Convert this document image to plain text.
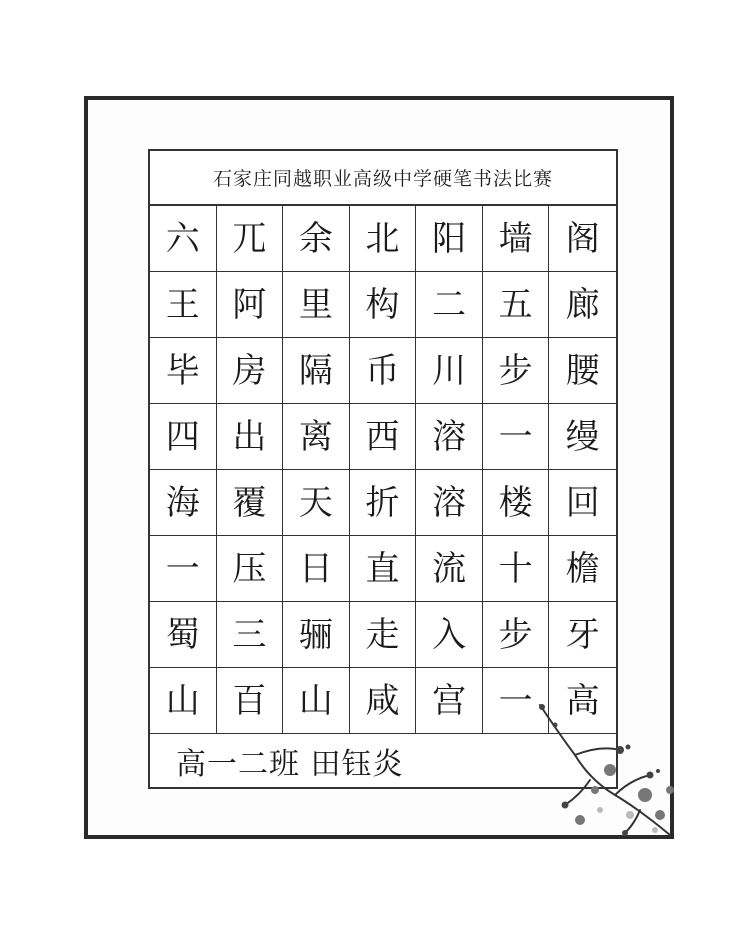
石家庄同越职业高级中学硬笔书法比赛
六 兀 余 北 阳 墙 阁
王 阿 里 构 二 五 廊
毕 房 隔 币 川 步 腰
四 出 离 西 溶 一 缦
海 覆 天 折 溶 楼 回
一 压 日 直 流 十 檐
蜀 三 骊 走 入 步 牙
山 百 山 咸 宫 一 高
高一二班 田钰炎
